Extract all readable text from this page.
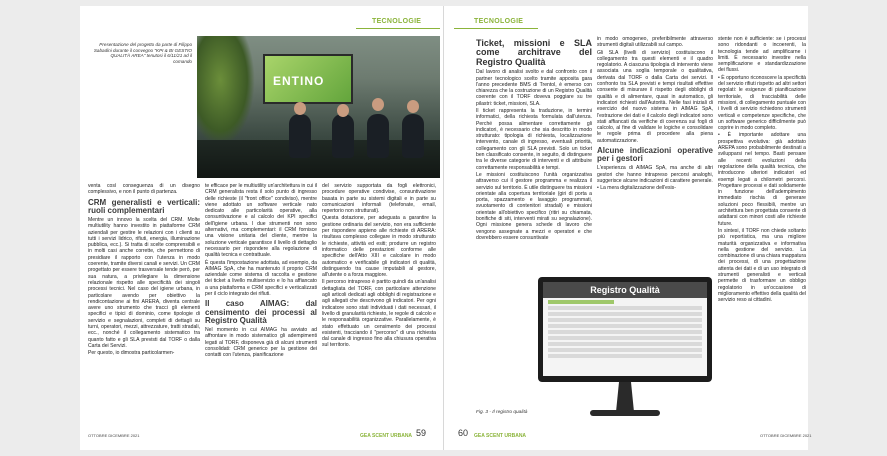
TECNOLOGIE
Presentazione del progetto da parte di Filippo Sabadini durante il convegno "KPI & BI GESTIO QUALITÀ AREA" tenutosi il 6/11/21 ad il comando
ENTINO

venta così conseguenza di un disegno complessivo, e non il punto di partenza.

CRM generalisti e verticali: ruoli complementari

Mentre un innovo la scelta del CRM. Molte multiutility hanno investito in piattaforme CRM aziendali per gestire le relazioni con i clienti su tutti i servizi lidrico, rifiuti, energia, illuminazione pubblica, ecc.). Si tratta di scelte comprensibili e in molti casi anche corrette, che permettono di presidiare il rapporto con l'utenza in modo coerente, tramite diversi canali e servizi. Un CRM progettato per essere trasversale tende però, per sua natura, a privilegiare la dimensione relazionale rispetto alle specificità dei singoli processi tecnici. Nel caso del igiene urbana, in particolare avendo per obiettivo la rendicontazione ai fini ARERA, diventa centrale avere uno strumento che tracci gli elementi specifici e tipici di dominio, come tipologie di servizio e segnalazioni, completi di dettagli su turni, operatori, mezzi, attrezzature, tratti stradali, ecc., nonché il collegamento sistematico tra quanto fatto e gli SLA previsti dal TORF o dalla Carta dei Servizi.

Per questo, io dimostra particolarmen-

te efficace per le multiutility un'architettura in cui il CRM generalista resta il solo punto di ingresso delle richieste (il "front office" condiviso), mentre viene adottato un software verticale nato dedicato alle particolarità operative, alla consuntivazione e al calcolo dei KPI specifici dell'igiene urbana. I due strumenti non sono alternativi, ma complementari: il CRM fornisce una visione unitaria del cliente, mentre la soluzione verticale garantisce il livello di dettaglio necessario per rispondere alla regolazione di qualità tecnica e contrattuale.

È questa l'impostazione adottata, ad esempio, da AIMAG SpA, che ha mantenuto il proprio CRM aziendale come sistema di raccolta e gestione dei ticket a livello multiservizio e lo ha affiancato a una piattaforma e CRM specifici e verticalizzati per il ciclo integrato dei rifiuti.

Il caso AIMAG: dal censimento dei processi al Registro Qualità

Nel momento in cui AIMAG ha avviato ad affrontare in modo sistematico gli adempimenti legati al TORF, disponeva già di alcuni strumenti consolidati: CRM generico per la gestione dei contatti con l'utenza, pianificazione

del servizio supportata da fogli elettronici, procedure operative condivise, consuntivazione basata in parte su sistemi digitali e in parte su comunicazioni informali (telefonate, email, repertorio non strutturati).

Questa dotazione, per adeguata a garantire la gestione ordinaria del servizio, non era sufficiente per rispondere appieno alle richieste di ARERA: risultava complesso collegare in modo strutturato le richieste, attività ed esiti; produrre un registro informatico delle prestazioni conforme alle specifiche dell'Atto XIII e calcolare in modo automatico e verificabile gli indicatori di qualità, distinguendo tra cause imputabili al gestore, all'utente o a forza maggiore.

Il percorso intrapreso è partito quindi da un'analisi dettagliata del TORF, con particolare attenzione agli articoli dedicati agli obblighi di registrazione e agli allegati che descrivono gli indicatori. Per ogni indicatore sono stati individuati i dati necessari, il livello di granularità richiesto, le regole di calcolo e le responsabilità organizzative. Parallelamente, è stato effettuato un censimento dei processi esistenti, tracciando il "percorso" di una richiesta dal canale di ingresso fino alla chiusura operativa sul territorio.

OTTOBRE DICEMBRE 2021	GEA SCENT URBANA 59
TECNOLOGIE
Ticket, missioni e SLA come architrave del Registro Qualità

Dal lavoro di analisi svolto e dal confronto con il partner tecnologico scelto tramite apposita gara l'anno precedente BMS di Trentol, è emerso con chiarezza che la costruzione di un Registro Qualità coerente con il TORF doveva poggiare su tre pilastri: ticket, missioni, SLA.

Il ticket rappresenta la traduzione, in termini informatici, della richiesta formulata dall'utenza. Perché possa alimentare correttamente gli indicatori, è necessario che sia descritto in modo strutturato: tipologia di richiesta, localizzazione intervento, canale di ingresso, eventuali priorità, collegamento con gli SLA previsti. Solo un ticket ben classificato consente, in seguito, di distinguere tra le diverse categorie di interventi e di attribuire correttamente responsabilità e tempi.

Le missioni costituiscono l'unità organizzativa attraverso cui il gestore programma e realizza il servizio sul territorio. È utile distinguere tra missioni orientate alla copertura territoriale (giri di porta a porta, spazzamento e lavaggio programmati, svuotamento di contenitori stradali) e missioni orientate all'obiettivo specifico (ritiri su chiamata, bonifiche di siti, interventi mirati su segnalazione). Ogni missione genera schede di lavoro che vengono assegnate a mezzi e operatori e che dovrebbero essere consuntivate

in modo omogeneo, preferibilmente attraverso strumenti digitali utilizzabili sul campo.

Gli SLA (livelli di servizio) costituiscono il collegamento tra questi elementi e il quadro regolatorio. A ciascuna tipologia di intervento viene associata una soglia temporale o qualitativa, derivata dal TORF o dalla Carta dei servizi. Il confronto tra SLA previsti e tempi risultati effettive consente di misurare il rispetto degli obblighi di qualità e di alimentare, quasi in automatico, gli indicatori richiesti dall'Autorità. Nelle fasi iniziali di esercizio del nuovo sistema in AIMAG SpA, l'estrazione dei dati e il calcolo degli indicatori sono stati affiancati da verifiche di coerenza sui fogli di calcolo, al fine di validare le logiche e consolidare le regole prima di procedere alla piena automatizzazione.

Alcune indicazioni operative per i gestori

L'esperienza di AIMAG SpA, ma anche di altri gestori che hanno intrapreso percorsi analoghi, suggerisce alcune indicazioni di carattere generale.

• La mera digitalizzazione dell'esis-

stente non è sufficiente: se i processi sono ridondanti o incoerenti, la tecnologia tende ad amplificarne i limiti. È necessario investire nella semplificazione e standardizzazione dei flussi.

• È opportuno riconoscere la specificità del servizio rifiuti rispetto ad altri settori regolati: le esigenze di pianificazione territoriale, di tracciabilità delle missioni, di collegamento puntuale con i livelli di servizio richiedono strumenti verticali e competenze specifiche, che un software generico difficilmente può coprire in modo completo.

• È importante adottare una prospettiva evolutiva: già adottato AREPA sono probabilmente destinati a svilupparsi nel tempo. Basti pensare alle recenti evoluzioni della regolazione della qualità tecnica, che introducono ulteriori indicatori ed esempi legati a chilometri percorsi. Progettare processi e dati solidamente in funzione dell'adempimento immediato rischia di generare soluzioni poco flessibili, mentre un architettura ben progettata consente di adattarsi con minori costi alle richieste future.

In sintesi, il TORF non chiede soltanto più reportistica, ma una migliore maturità organizzativa e informativa nella gestione del servizio. La combinazione di una chiara mappatura dei processi, di una progettazione attenta dei dati e di un uso integrato di strumenti generalisti e verticali permette di trasformare un obbligo regolatorio in un'occasione di miglioramento effettivo della qualità del servizio reso ai cittadini.

Registro Qualità
Fig. 3 - Il registro qualità
60 GEA SCENT URBANA	OTTOBRE DICEMBRE 2021
